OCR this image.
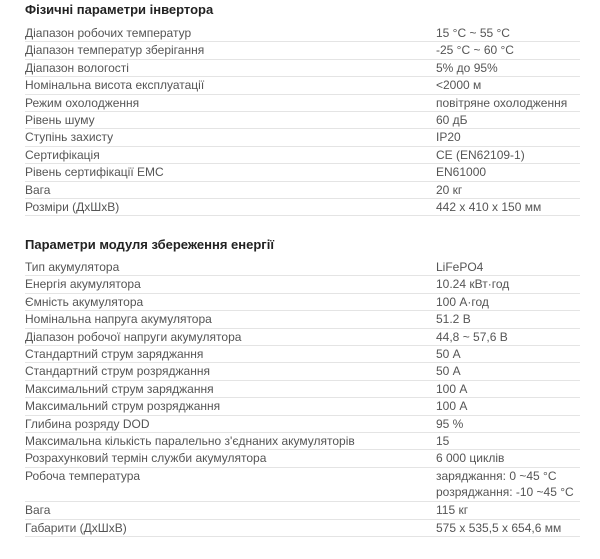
Фізичні параметри інвертора
Діапазон робочих температур	15 °C ~ 55 °C
Діапазон температур зберігання	-25 °C ~ 60 °C
Діапазон вологості	5% до 95%
Номінальна висота експлуатації	<2000 м
Режим охолодження	повітряне охолодження
Рівень шуму	60 дБ
Ступінь захисту	IP20
Сертифікація	CE (EN62109-1)
Рівень сертифікації EMC	EN61000
Вага	20 кг
Розміри (ДхШхВ)	442 x 410 x 150 мм
Параметри модуля збереження енергії
Тип акумулятора	LiFePO4
Енергія акумулятора	10.24 кВт·год
Ємність акумулятора	100 А·год
Номінальна напруга акумулятора	51.2 В
Діапазон робочої напруги акумулятора	44,8 ~ 57,6 В
Стандартний струм заряджання	50 А
Стандартний струм розряджання	50 А
Максимальний струм заряджання	100 А
Максимальний струм розряджання	100 А
Глибина розряду DOD	95 %
Максимальна кількість паралельно з'єднаних акумуляторів	15
Розрахунковий термін служби акумулятора	6 000 циклів
Робоча температура	заряджання: 0 ~45 °C
розряджання: -10 ~45 °C
Вага	115 кг
Габарити (ДхШхВ)	575 x 535,5 x 654,6 мм
